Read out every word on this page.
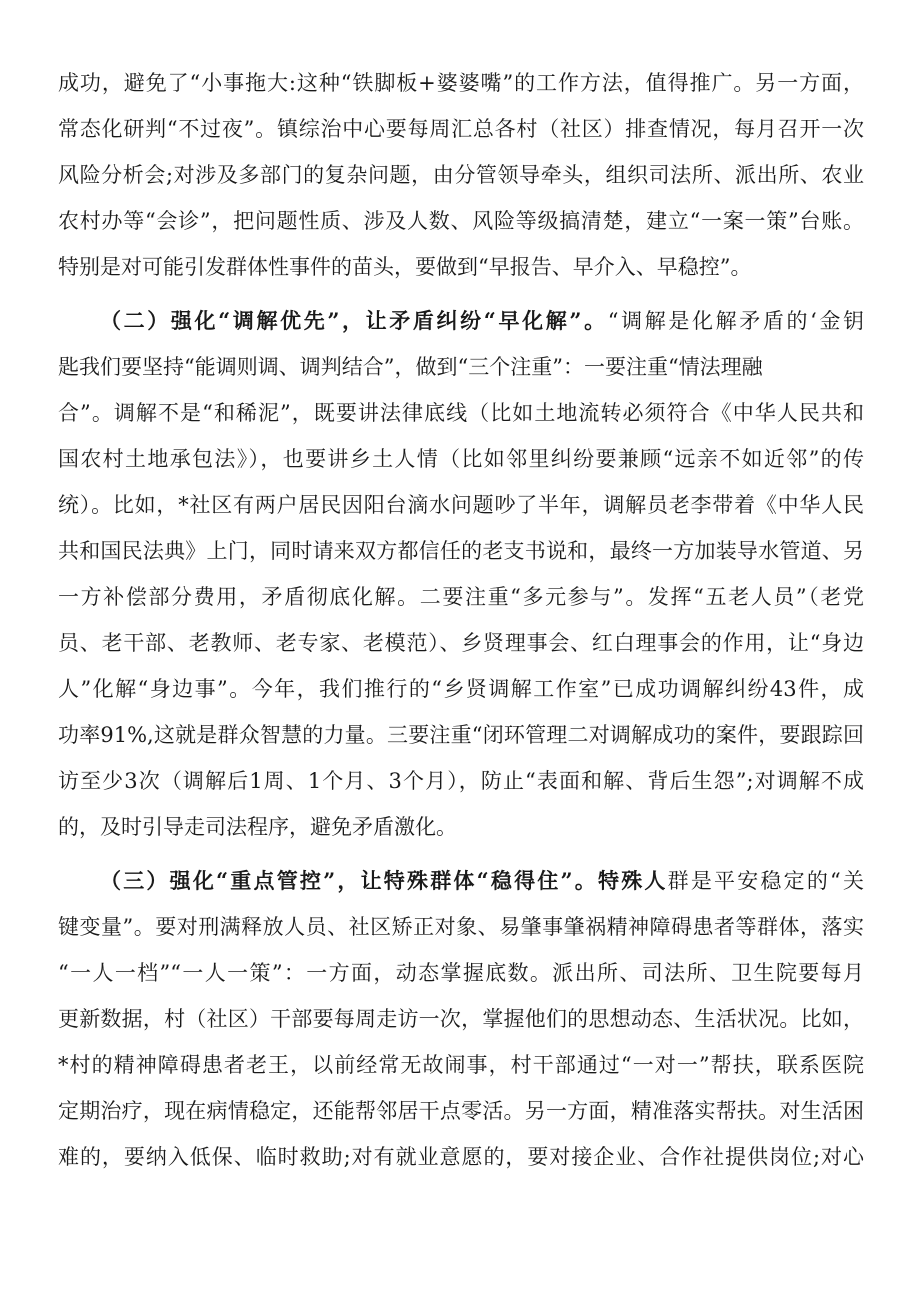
成功，避免了“小事拖大:这种“铁脚板+婆婆嘴”的工作方法，值得推广。另一方面，

常态化研判“不过夜”。镇综治中心要每周汇总各村（社区）排查情况，每月召开一次

风险分析会;对涉及多部门的复杂问题，由分管领导牵头，组织司法所、派出所、农业

农村办等“会诊”，把问题性质、涉及人数、风险等级搞清楚，建立“一案一策”台账。

特别是对可能引发群体性事件的苗头，要做到“早报告、早介入、早稳控”。

（二）强化“调解优先”，让矛盾纠纷“早化解”。“调解是化解矛盾的‘金钥

匙我们要坚持“能调则调、调判结合”，做到“三个注重”：一要注重“情法理融

合”。调解不是“和稀泥”，既要讲法律底线（比如土地流转必须符合《中华人民共和

国农村土地承包法》），也要讲乡土人情（比如邻里纠纷要兼顾“远亲不如近邻”的传

统）。比如，*社区有两户居民因阳台滴水问题吵了半年，调解员老李带着《中华人民

共和国民法典》上门，同时请来双方都信任的老支书说和，最终一方加装导水管道、另

一方补偿部分费用，矛盾彻底化解。二要注重“多元参与”。发挥“五老人员”（老党

员、老干部、老教师、老专家、老模范）、乡贤理事会、红白理事会的作用，让“身边

人”化解“身边事”。今年，我们推行的“乡贤调解工作室”已成功调解纠纷43件，成

功率91%,这就是群众智慧的力量。三要注重“闭环管理二对调解成功的案件，要跟踪回

访至少3次（调解后1周、1个月、3个月），防止“表面和解、背后生怨”;对调解不成

的，及时引导走司法程序，避免矛盾激化。

（三）强化“重点管控”，让特殊群体“稳得住”。特殊人群是平安稳定的“关

键变量”。要对刑满释放人员、社区矫正对象、易肇事肇祸精神障碍患者等群体，落实

“一人一档”“一人一策”：一方面，动态掌握底数。派出所、司法所、卫生院要每月

更新数据，村（社区）干部要每周走访一次，掌握他们的思想动态、生活状况。比如，

*村的精神障碍患者老王，以前经常无故闹事，村干部通过“一对一”帮扶，联系医院

定期治疗，现在病情稳定，还能帮邻居干点零活。另一方面，精准落实帮扶。对生活困

难的，要纳入低保、临时救助;对有就业意愿的，要对接企业、合作社提供岗位;对心
